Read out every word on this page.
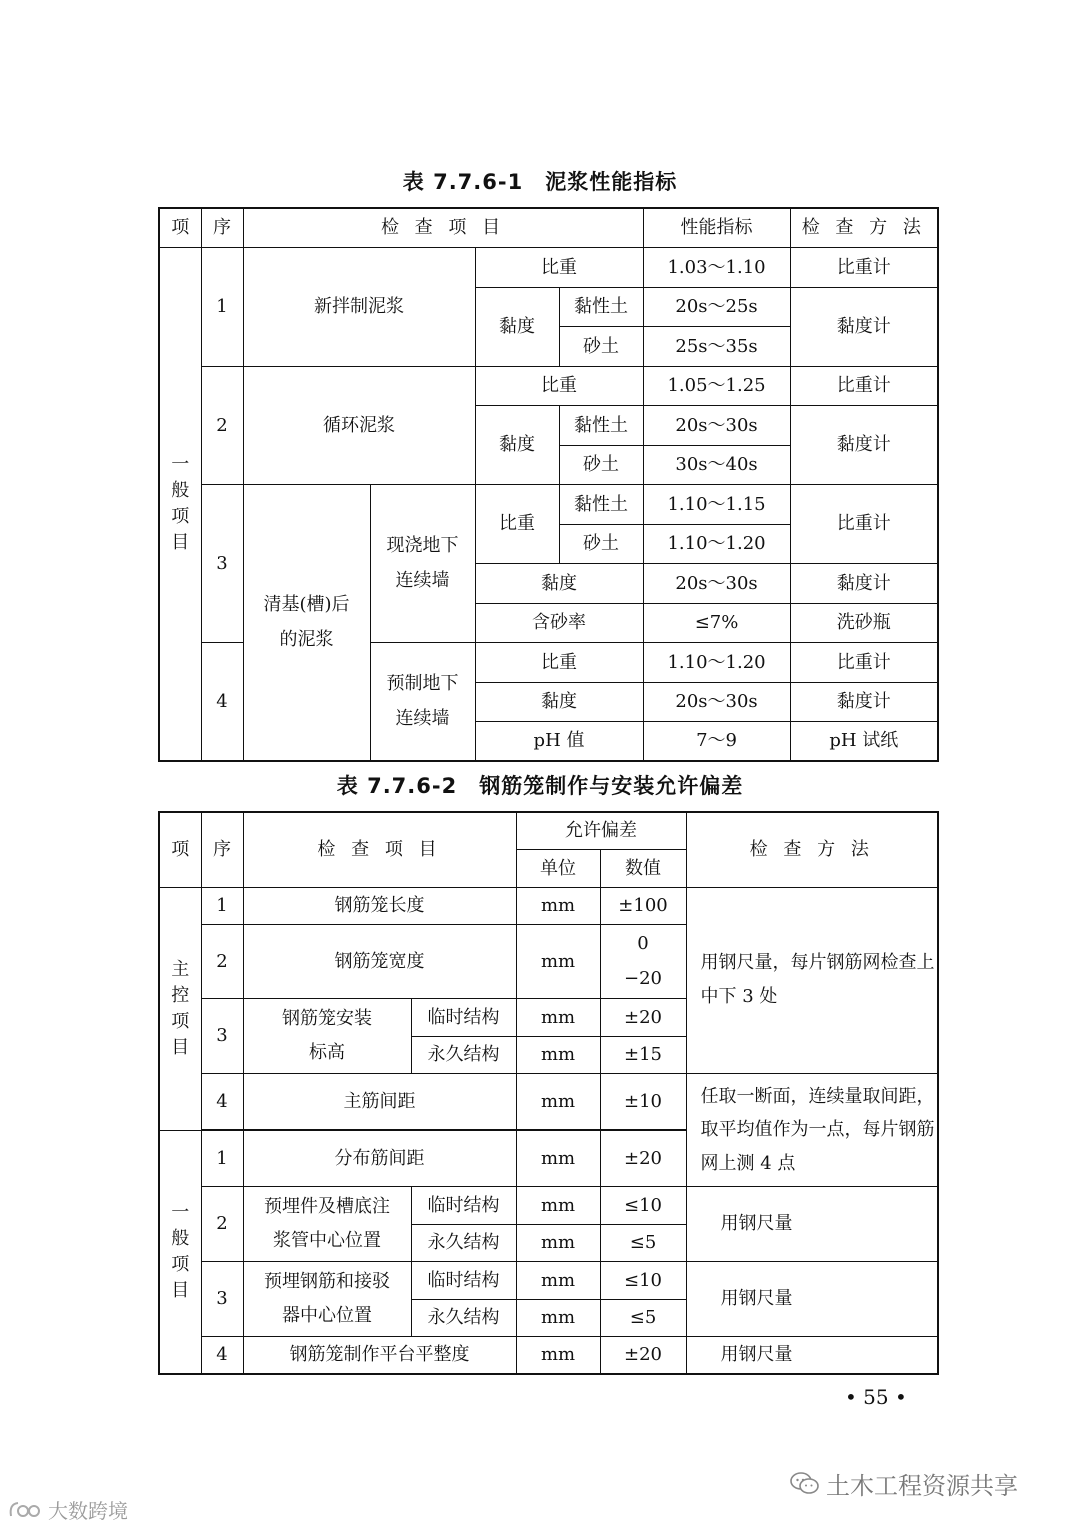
表 7.7.6-1　泥浆性能指标
项	序	检 查 项 目				性能指标	检 查 方 法
一般项目	1	新拌制泥浆		比重		1.03～1.10	比重计
				黏度	黏性土	20s～25s	黏度计
					砂土	25s～35s	
	2	循环泥浆		比重		1.05～1.25	比重计
				黏度	黏性土	20s～30s	黏度计
					砂土	30s～40s	
	3	清基(槽)后的泥浆	现浇地下连续墙	比重	黏性土	1.10～1.15	比重计
					砂土	1.10～1.20	
				黏度		20s～30s	黏度计
				含砂率		≤7%	洗砂瓶
	4		预制地下连续墙	比重		1.10～1.20	比重计
				黏度		20s～30s	黏度计
				pH 值		7～9	pH 试纸
表 7.7.6-2　钢筋笼制作与安装允许偏差
项	序	检 查 项 目		允许偏差		检 查 方 法
				单位	数值	
主控项目	1	钢筋笼长度		mm	±100	用钢尺量，每片钢筋网检查上中下 3 处
	2	钢筋笼宽度		mm	0
−20	

	3	钢筋笼安装标高	临时结构	mm	±20	
			永久结构	mm	±15	
	4	主筋间距		mm	±10	任取一断面，连续量取间距，取平均值作为一点，每片钢筋网上测 4 点

一般项目	1	分布筋间距		mm	±20	
	2	预埋件及槽底注浆管中心位置	临时结构	mm	≤10	用钢尺量
			永久结构	mm	≤5	
	3	预埋钢筋和接驳器中心位置	临时结构	mm	≤10	用钢尺量
			永久结构	mm	≤5	
	4	钢筋笼制作平台平整度		mm	±20	用钢尺量
• 55 •
土木工程资源共享
大数跨境
